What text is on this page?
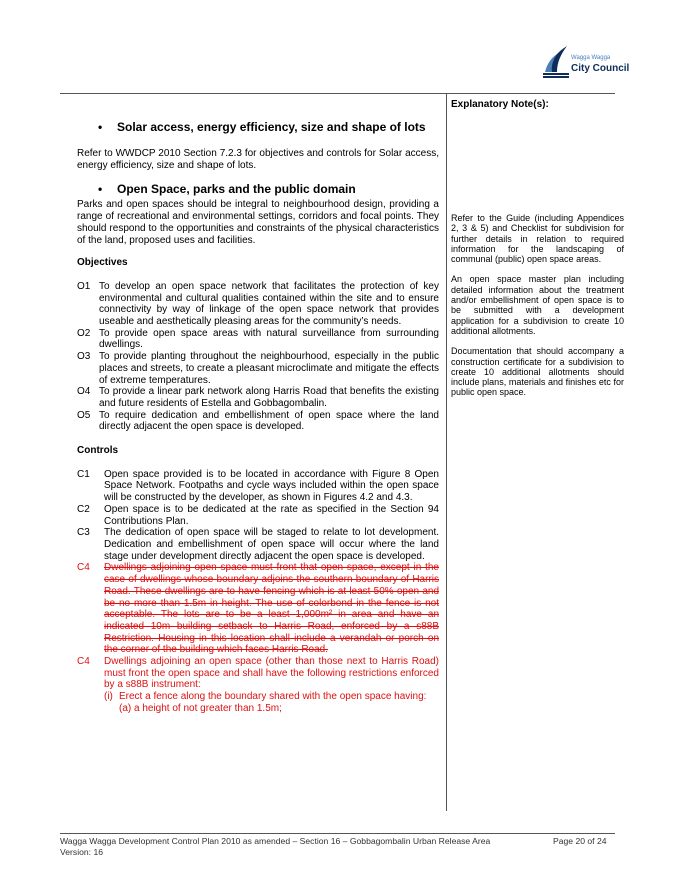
Wagga Wagga
City Council
Explanatory Note(s):
• Solar access, energy efficiency, size and shape of lots

Refer to WWDCP 2010 Section 7.2.3 for objectives and controls for Solar access, energy efficiency, size and shape of lots.

• Open Space, parks and the public domain

Parks and open spaces should be integral to neighbourhood design, providing a range of recreational and environmental settings, corridors and focal points. They should respond to the opportunities and constraints of the physical characteristics of the land, proposed uses and facilities.

Objectives
O1 To develop an open space network that facilitates the protection of key environmental and cultural qualities contained within the site and to ensure connectivity by way of linkage of the open space network that provides useable and aesthetically pleasing areas for the community’s needs.
O2 To provide open space areas with natural surveillance from surrounding dwellings.
O3 To provide planting throughout the neighbourhood, especially in the public places and streets, to create a pleasant microclimate and mitigate the effects of extreme temperatures.
O4 To provide a linear park network along Harris Road that benefits the existing and future residents of Estella and Gobbagombalin.
O5 To require dedication and embellishment of open space where the land directly adjacent the open space is developed.
Controls
C1 Open space provided is to be located in accordance with Figure 8 Open Space Network. Footpaths and cycle ways included within the open space will be constructed by the developer, as shown in Figures 4.2 and 4.3.
C2 Open space is to be dedicated at the rate as specified in the Section 94 Contributions Plan.
C3 The dedication of open space will be staged to relate to lot development. Dedication and embellishment of open space will occur where the land stage under development directly adjacent the open space is developed.
C4 Dwellings adjoining open space must front that open space, except in the case of dwellings whose boundary adjoins the southern boundary of Harris Road. These dwellings are to have fencing which is at least 50% open and be no more than 1.5m in height. The use of colorbond in the fence is not acceptable. The lots are to be a least 1,000m² in area and have an indicated 10m building setback to Harris Road, enforced by a s88B Restriction. Housing in this location shall include a verandah or porch on the corner of the building which faces Harris Road.
C4 Dwellings adjoining an open space (other than those next to Harris Road) must front the open space and shall have the following restrictions enforced by a s88B instrument:
(i) Erect a fence along the boundary shared with the open space having:
(a) a height of not greater than 1.5m;

Refer to the Guide (including Appendices 2, 3 & 5) and Checklist for subdivision for further details in relation to required information for the landscaping of communal (public) open space areas.

An open space master plan including detailed information about the treatment and/or embellishment of open space is to be submitted with a development application for a subdivision to create 10 additional allotments.

Documentation that should accompany a construction certificate for a subdivision to create 10 additional allotments should include plans, materials and finishes etc for public open space.

Wagga Wagga Development Control Plan 2010 as amended – Section 16 – Gobbagombalin Urban Release Area	Page 20 of 24
Version: 16
